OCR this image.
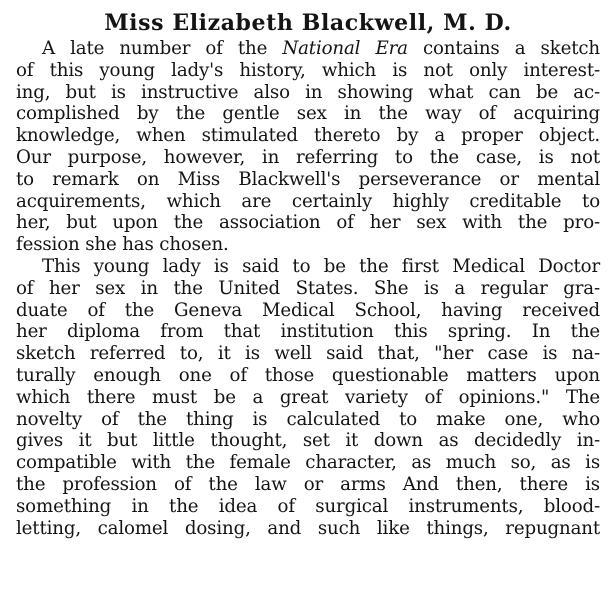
Miss Elizabeth Blackwell, M. D.
A late number of the National Era contains a sketch
of this young lady's history, which is not only interest-
ing, but is instructive also in showing what can be ac-
complished by the gentle sex in the way of acquiring
knowledge, when stimulated thereto by a proper object.
Our purpose, however, in referring to the case, is not
to remark on Miss Blackwell's perseverance or mental
acquirements, which are certainly highly creditable to
her, but upon the association of her sex with the pro-
fession she has chosen.
This young lady is said to be the first Medical Doctor
of her sex in the United States. She is a regular gra-
duate of the Geneva Medical School, having received
her diploma from that institution this spring. In the
sketch referred to, it is well said that, "her case is na-
turally enough one of those questionable matters upon
which there must be a great variety of opinions." The
novelty of the thing is calculated to make one, who
gives it but little thought, set it down as decidedly in-
compatible with the female character, as much so, as is
the profession of the law or arms And then, there is
something in the idea of surgical instruments, blood-
letting, calomel dosing, and such like things, repugnant
